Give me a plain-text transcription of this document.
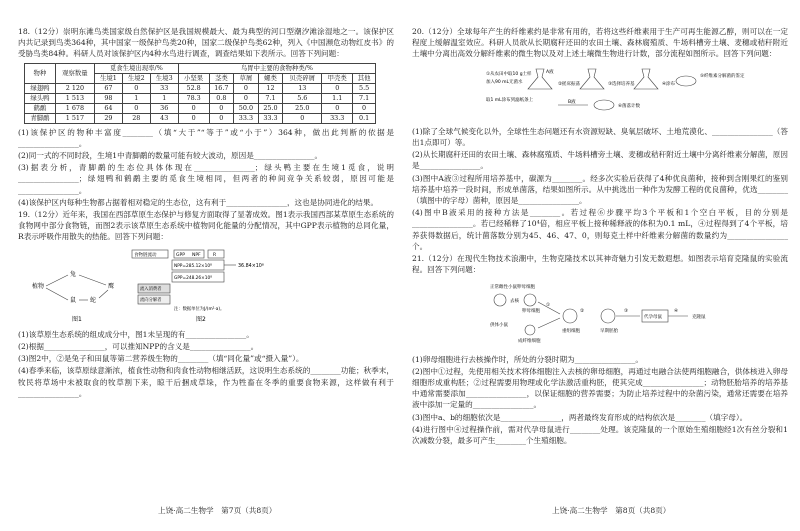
18.（12分）崇明东滩鸟类国家级自然保护区是我国规模最大、最为典型的河口型潮汐滩涂湿地之一。该保护区内共记录到鸟类364种，其中国家一级保护鸟类20种，国家二级保护鸟类62种，列入《中国濒危动物红皮书》的受胁鸟类84种。科研人员对该保护区内4种水鸟进行调查，调查结果如下表所示。回答下列问题：

物种	观察数量	觅食生境出现率/%			鸟胃中主要的食物种类/%						
		生境1	生境2	生境3	小坚果	茎类	草屑	螺类	贝壳碎屑	甲壳类	其他
绿翅鸭	2 120	67	0	33	52.8	16.7	0	12	13	0	5.5
绿头鸭	1 513	98	1	1	78.3	0.8	0	7.1	5.6	1.1	7.1
鹤鹬	1 678	64	0	36	0	0	50.0	25.0	25.0	0	0
青脚鹬	1 517	29	28	43	0	0	33.3	33.3	0	33.3	0.1

(1)该保护区的物种丰富度________（填“大于”“等于”或“小于”）364种，做出此判断的依据是________________。

(2)同一式的不同时段，生境1中青脚鹬的数量可能有较大波动，原因是________________。

(3)据表分析，青脚鹬的生态位具体体现在________________；绿头鸭主要在生境1觅食，说明________________；绿翅鸭和鹤鹬主要的觅食生境相同，但两者的种间竞争关系较弱，原因可能是________________。

(4)该保护区内每种生物都占据着相对稳定的生态位，这有利于________________，这也是协同进化的结果。

19.（12分）近年来，我国在西部草原生态保护与修复方面取得了显著成效。图1表示我国西部某草原生态系统的食物网中部分食物链，而图2表示该草原生态系统中植物同化能量的分配情况，其中GPP表示植物的总同化量，R表示呼吸作用散失的热能。回答下列问题：

植物
兔
鹰
鼠 蛇
图1
食物链流动	GPP NPF	R
NPP=285.12×10⁸
GPP=248.26×10⁸
流入消费者
流向分解者
36.84×10⁸
注：数据单位为J/(m²·a)。
图2

(1)该草原生态系统的组成成分中，图1未呈现的有________________。

(2)根据________________，可以推知NPP的含义是________________。

(3)图2中，②是兔子和田鼠等第二营养级生物的________（填“同化量”或“摄入量”）。

(4)春季来临，该草原绿意渐浓，植食性动物和肉食性动物相继活跃，这说明生态系统的________功能；秋季末，牧民将草场中未被取食的牧草割下来，晾干后捆成草垛，作为牲畜在冬季的重要食物来源，这样做有利于________________。

20.（12分）全球每年产生的纤维素约是非常有用的，若将这些纤维素用于生产可再生能源乙醇，则可以在一定程度上缓解温室效应。科研人员欲从长期腐秆还田的农田土壤、森林腐殖质、牛场料槽旁土壤、麦穗或秸秆附近土壤中分离出高效分解纤维素的微生物以及对上述土壤微生物进行计数，部分流程如图所示。回答下列问题：

①从农田中取10 g土样
加入90 mL无菌水
A液
②摇床振荡	③选择培养基	④涂布
⑤纤维素分解菌的鉴定
取1 mL涂布到滤纸条上	B液
⑥菌落计数

(1)除了全球气候变化以外，全球性生态问题还有水资源短缺、臭氧层破坏、土地荒漠化、________________（答出1点即可）等。

(2)从长期腐秆还田的农田土壤、森林腐殖质、牛场料槽旁土壤、麦穗或秸秆附近土壤中分离纤维素分解菌，原因是________________。

(3)图中A液③过程所用培养基中，碳源为________。经多次实验后获得了4种优良菌种，接种到含刚果红的鉴别培养基中培养一段时间，形成单菌落，结果如图所示。从中挑选出一种作为发酵工程的优良菌种，优选________（填图中的字母）菌种，原因是________________。

(4)图中B液采用的接种方法是________。若过程⑥步骤平均3个平板和1个空白平板，目的分别是________________。若已经稀释了10⁴倍，相应平板上接种稀释液的体积为0.1 mL，④过程得到了4个平板，培养获得数据后，统计菌落数分别为45、46、47、0，则每克土样中纤维素分解菌的数量约为________________个。

21.（12分）在现代生物技术浪潮中，生物克隆技术以其神奇魅力引发无数遐想。如图表示培育克隆鼠的实验流程。回答下列问题：

正常雌性小鼠卵母细胞
去核
卵母细胞
供体小鼠
成纤维细胞
①
②
重组细胞	早期胚胎
③
代孕母鼠
④
克隆鼠

(1)卵母细胞进行去核操作时，所处的分裂时期为________________。

(2)图中①过程，先使用相关技术将体细胞注入去核的卵母细胞，再通过电融合法使两细胞融合，供体核进入卵母细胞形成重构胚；②过程需要用物理或化学法激活重构胚，使其完成________________；动物胚胎培养的培养基中通常需要添加________________，以保证细胞的营养需要；为防止培养过程中的杂菌污染，通常还需要在培养液中添加一定量的________________。

(3)图中a、b的细胞依次是________________，两者最终发育形成的结构依次是________（填字母）。

(4)进行图中④过程操作前，需对代孕母鼠进行________处理。该克隆鼠的一个原始生殖细胞经1次有丝分裂和1次减数分裂，最多可产生________个生殖细胞。

上饶·高二生物学　第7页（共8页）	上饶·高二生物学　第8页（共8页）
